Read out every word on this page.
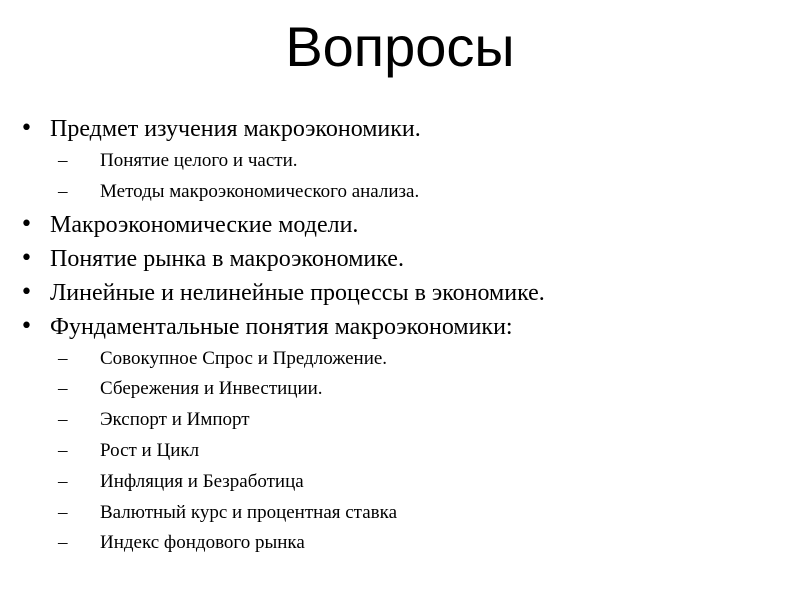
Вопросы
• Предмет изучения макроэкономики.
–	Понятие целого и части.
–	Методы макроэкономического анализа.
• Макроэкономические модели.
• Понятие рынка в макроэкономике.
• Линейные и нелинейные процессы в экономике.
• Фундаментальные понятия макроэкономики:
–	Совокупное Спрос и Предложение.
–	Сбережения и Инвестиции.
–	Экспорт и Импорт
–	Рост и Цикл
–	Инфляция и Безработица
–	Валютный курс и процентная ставка
–	Индекс фондового рынка
